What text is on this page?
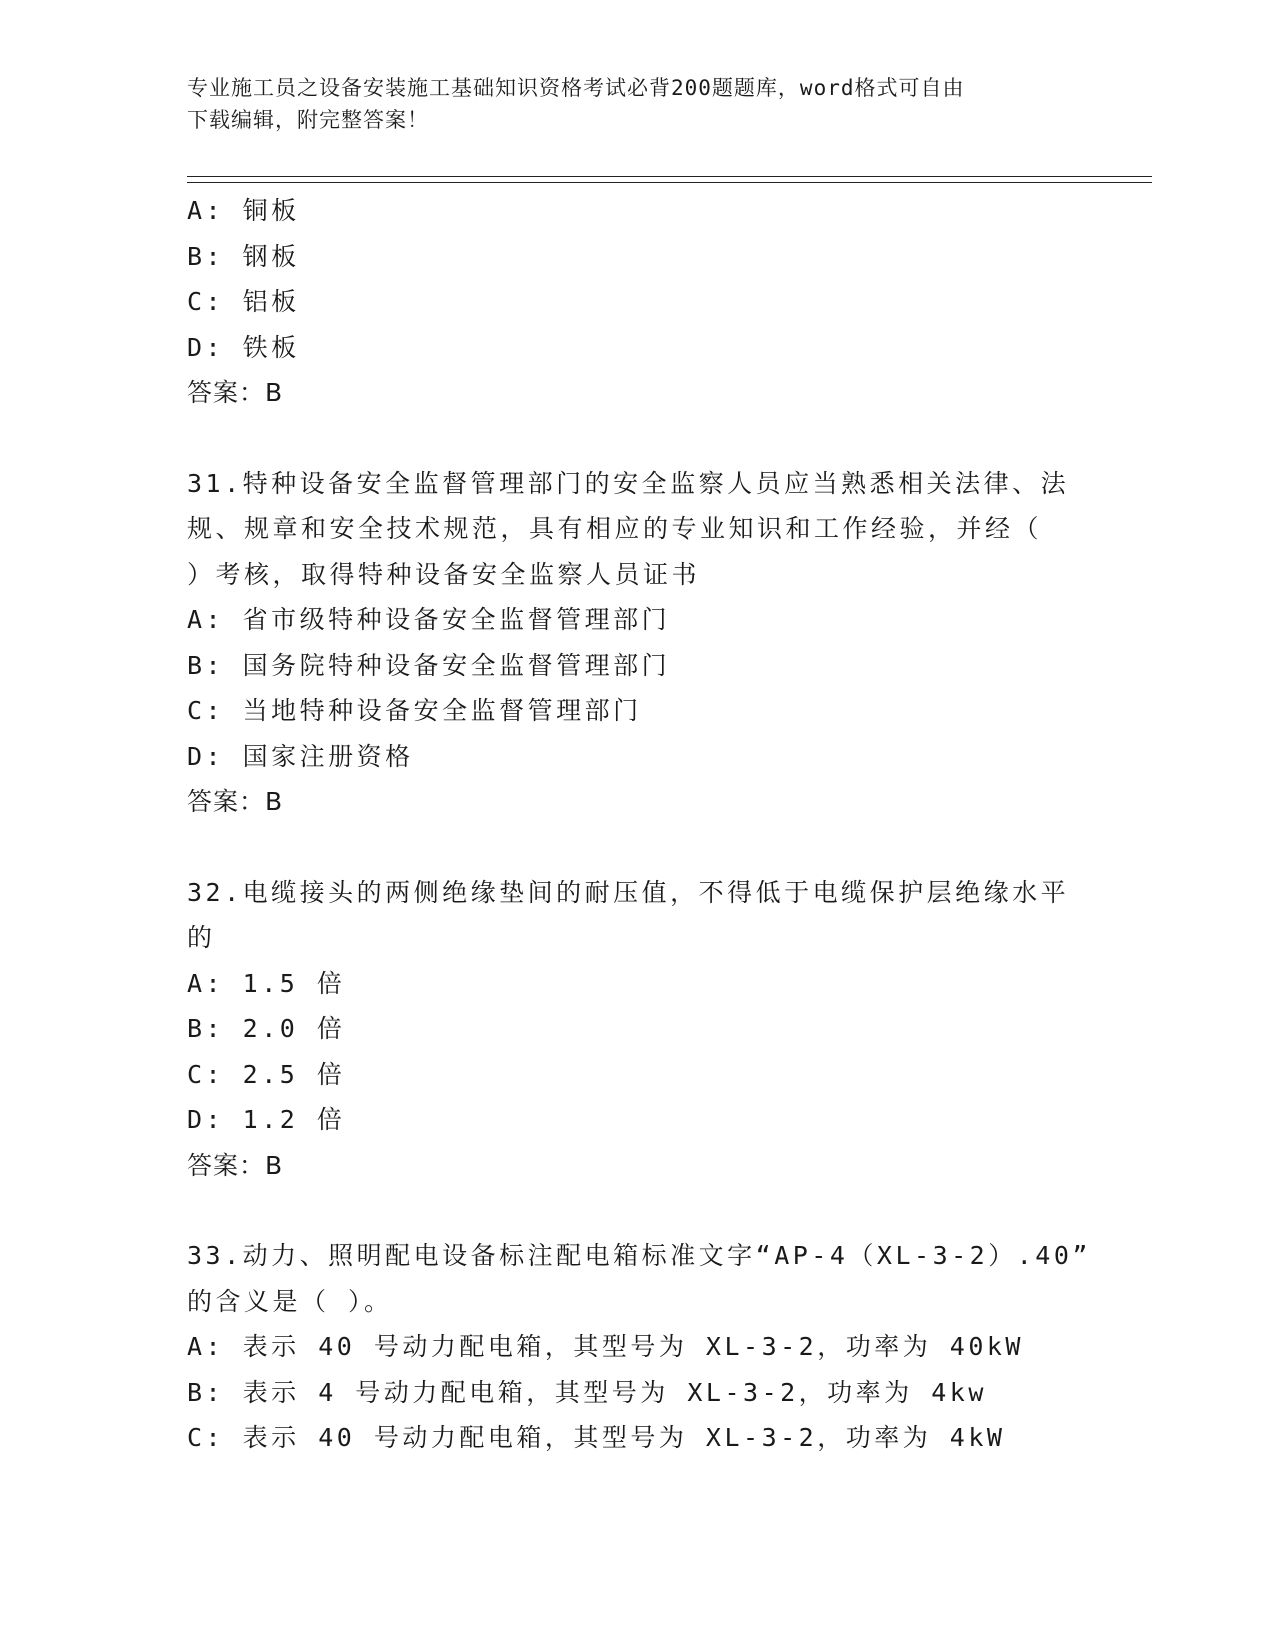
专业施工员之设备安装施工基础知识资格考试必背200题题库，word格式可自由
下载编辑，附完整答案！
A: 铜板
B: 钢板
C: 铝板
D: 铁板
答案：B
31.特种设备安全监督管理部门的安全监察人员应当熟悉相关法律、法
规、规章和安全技术规范，具有相应的专业知识和工作经验，并经（
）考核，取得特种设备安全监察人员证书
A: 省市级特种设备安全监督管理部门
B: 国务院特种设备安全监督管理部门
C: 当地特种设备安全监督管理部门
D: 国家注册资格
答案：B
32.电缆接头的两侧绝缘垫间的耐压值，不得低于电缆保护层绝缘水平
的
A: 1.5 倍
B: 2.0 倍
C: 2.5 倍
D: 1.2 倍
答案：B
33.动力、照明配电设备标注配电箱标准文字“AP-4（XL-3-2）.40”
的含义是（ ）。
A: 表示 40 号动力配电箱，其型号为 XL-3-2，功率为 40kW
B: 表示 4 号动力配电箱，其型号为 XL-3-2，功率为 4kw
C: 表示 40 号动力配电箱，其型号为 XL-3-2，功率为 4kW
